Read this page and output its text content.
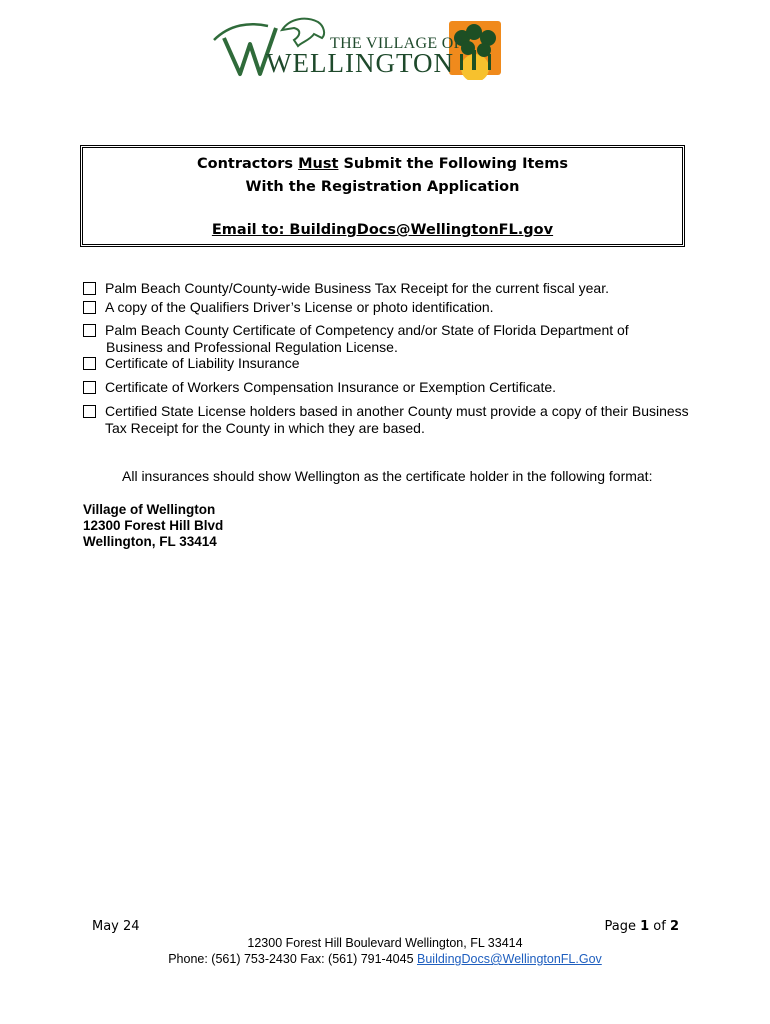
THE VILLAGE OF
WELLINGTON
Contractors Must Submit the Following Items
With the Registration Application
Email to: BuildingDocs@WellingtonFL.gov
Palm Beach County/County-wide Business Tax Receipt for the current fiscal year.
A copy of the Qualifiers Driver’s License or photo identification.
Palm Beach County Certificate of Competency and/or State of Florida Department of
Business and Professional Regulation License.
Certificate of Liability Insurance
Certificate of Workers Compensation Insurance or Exemption Certificate.
Certified State License holders based in another County must provide a copy of their Business
Tax Receipt for the County in which they are based.
All insurances should show Wellington as the certificate holder in the following format:
Village of Wellington
12300 Forest Hill Blvd
Wellington, FL 33414
May 24	Page 1 of 2
12300 Forest Hill Boulevard Wellington, FL 33414
Phone: (561) 753-2430 Fax: (561) 791-4045 BuildingDocs@WellingtonFL.Gov
